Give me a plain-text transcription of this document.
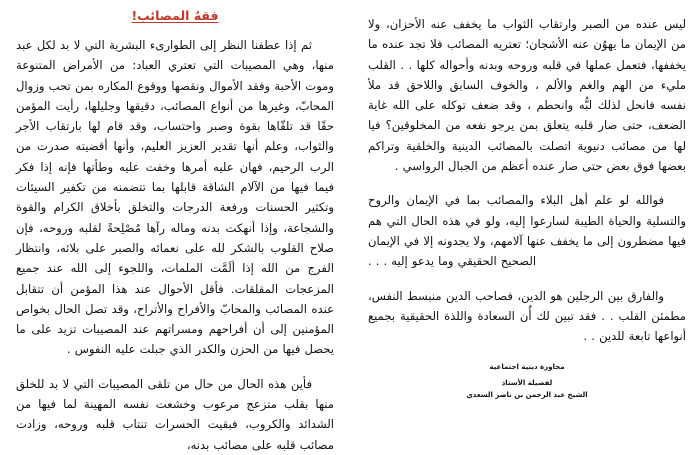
فقهُ المصائب!

ثم إذا عطفنا النظر إلى الطوارىء البشرية التي لا بد لكل عبد منها، وهي المصيبات التي تعتري العباد: من الأمراض المتنوعة وموت الأحبة وفقد الأموال ونقصها ووقوع المكاره بمن تحب وزوال المحابّ، وغيرها من أنواع المصائب، دقيقها وجليلها، رأيت المؤمن حقًا قد تلقّاها بقوة وصبر واحتساب، وقد قام لها بارتقاب الأجر والثواب، وعلم أنها تقدير العزيز العليم، وأنها أقضيته صدرت من الرب الرحيم، فهان عليه أمرها وخفت عليه وطأتها فإنه إذا فكر فيما فيها من الآلام الشاقة قابلها بما تتضمنه من تكفير السيئات وتكثير الحسنات ورفعة الدرجات والتخلق بأخلاق الكرام والقوة والشجاعة، وإذا أنهكت بدنه وماله رآها مُصْلِحةً لقلبه وروحه، فإن صلاح القلوب بالشكر لله على نعمائه والصبر على بلائه، وانتظار الفرج من الله إذا ألَمَّت الملمات، واللجوء إلى الله عند جميع المزعجات المقلقات. فأقل الأحوال عند هذا المؤمن أن تتقابل عنده المصائب والمحابّ والأفراح والأتراح، وقد تصل الحال بخواص المؤمنين إلى أن أفراحهم ومسراتهم عند المصيبات تزيد على ما يحصل فيها من الحزن والكدر الذي جبلت عليه النفوس .

فأين هذه الحال من حال من تلقى المصيبات التي لا بد للخلق منها بقلب متزعج مرعوب وخشعت نفسه المهينة لما فيها من الشدائد والكروب، فبقيت الحسرات تنتاب قلبه وروحه، وزادت مصائب قلبه على مصائب بدنه،

ليس عنده من الصبر وارتقاب الثواب ما يخفف عنه الأحزان، ولا من الإيمان ما يهوُن عنه الأشجان؛ تعتريه المصائب فلا تجد عنده ما يخففها، فتعمل عملها في قلبه وروحه وبدنه وأحواله كلها . . القلب مليء من الهم والغم والألم ، والخوف السابق واللاحق قد ملأ نفسه فانحل لذلك لبُّه وانحطم ، وقد ضعف توكله على الله غاية الضعف، حتى صار قلبه يتعلق بمن يرجو نفعه من المخلوقين؟ فيا لها من مصائب دنيوية اتصلت بالمصائب الدينية والخلقية وتراكم بعضها فوق بعض حتى صار عنده أعظم من الجبال الرواسي .

فوالله لو علم أهل البلاء والمصائب بما في الإيمان والروح والتسلية والحياة الطيبة لسارعوا إليه، ولو في هذه الحال التي هم فيها مضطرون إلى ما يخفف عنها آلامهم، ولا يجدونه إلا في الإيمان الصحيح الحقيقي وما يدعو إليه . . .

والفارق بين الرجلين هو الدين، فصاحب الدين منبسط النفس، مطمئن القلب . . فقد تبين لك أُن السعادة واللذة الحقيقية بجميع أنواعها تابعة للدين . .

محاورة دينية اجتماعية
لفضيلة الأستاذ
الشيخ عبد الرحمن بن ناصر السعدي
